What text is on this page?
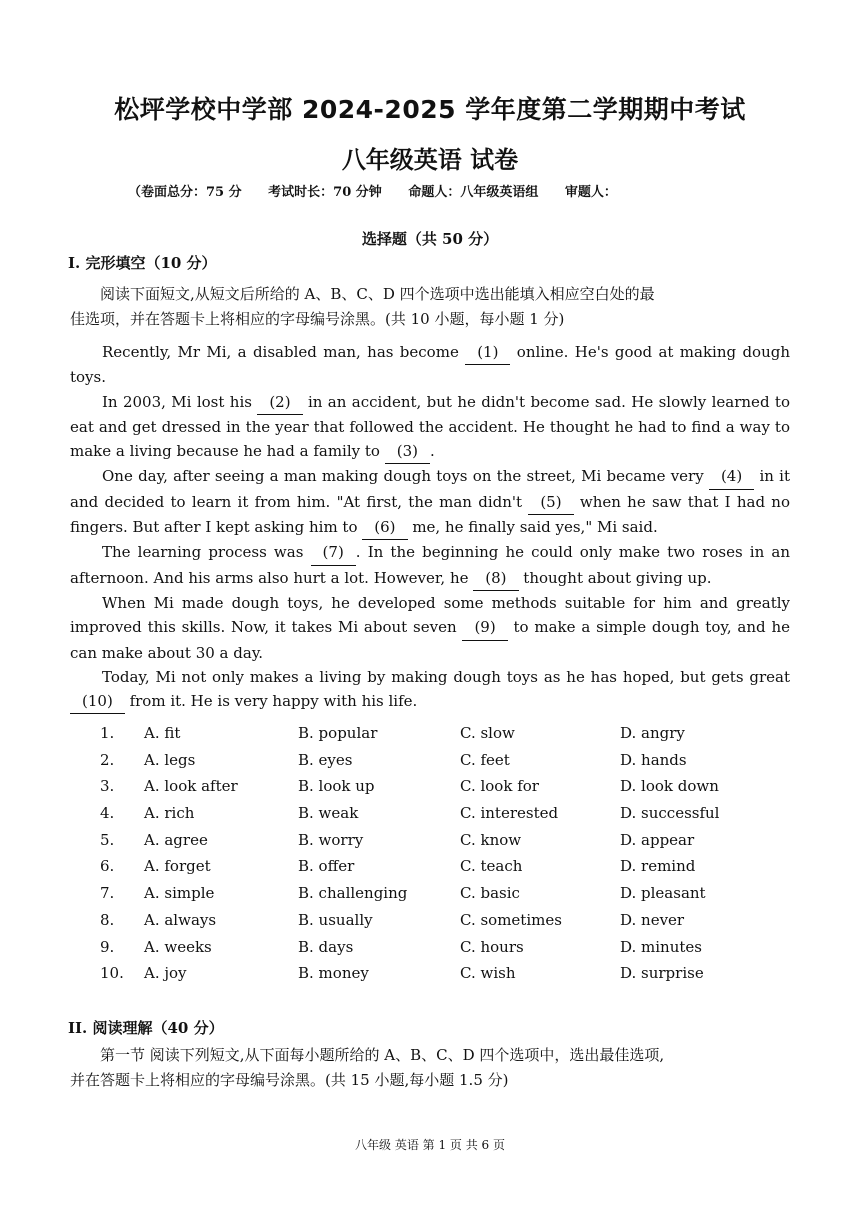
松坪学校中学部 2024-2025 学年度第二学期期中考试
八年级英语 试卷
（卷面总分：75 分 考试时长：70 分钟 命题人：八年级英语组 审题人：
选择题（共 50 分）
I. 完形填空（10 分）
阅读下面短文,从短文后所给的 A、B、C、D 四个选项中选出能填入相应空白处的最
佳选项，并在答题卡上将相应的字母编号涂黑。(共 10 小题，每小题 1 分)

Recently, Mr Mi, a disabled man, has become (1) online. He's good at making dough toys.

In 2003, Mi lost his (2) in an accident, but he didn't become sad. He slowly learned to eat and get dressed in the year that followed the accident. He thought he had to find a way to make a living because he had a family to (3) .

One day, after seeing a man making dough toys on the street, Mi became very (4) in it and decided to learn it from him. "At first, the man didn't (5) when he saw that I had no fingers. But after I kept asking him to (6) me, he finally said yes," Mi said.

The learning process was (7) . In the beginning he could only make two roses in an afternoon. And his arms also hurt a lot. However, he (8) thought about giving up.

When Mi made dough toys, he developed some methods suitable for him and greatly improved this skills. Now, it takes Mi about seven (9) to make a simple dough toy, and he can make about 30 a day.

Today, Mi not only makes a living by making dough toys as he has hoped, but gets great (10) from it. He is very happy with his life.

1. A. fit	B. popular	C. slow	D. angry
2. A. legs	B. eyes	C. feet	D. hands
3. A. look after	B. look up	C. look for	D. look down
4. A. rich	B. weak	C. interested	D. successful
5. A. agree	B. worry	C. know	D. appear
6. A. forget	B. offer	C. teach	D. remind
7. A. simple	B. challenging	C. basic	D. pleasant
8. A. always	B. usually	C. sometimes	D. never
9. A. weeks	B. days	C. hours	D. minutes
10. A. joy	B. money	C. wish	D. surprise
II. 阅读理解（40 分）
第一节 阅读下列短文,从下面每小题所给的 A、B、C、D 四个选项中，选出最佳选项,
并在答题卡上将相应的字母编号涂黑。(共 15 小题,每小题 1.5 分)
八年级 英语 第 1 页 共 6 页
